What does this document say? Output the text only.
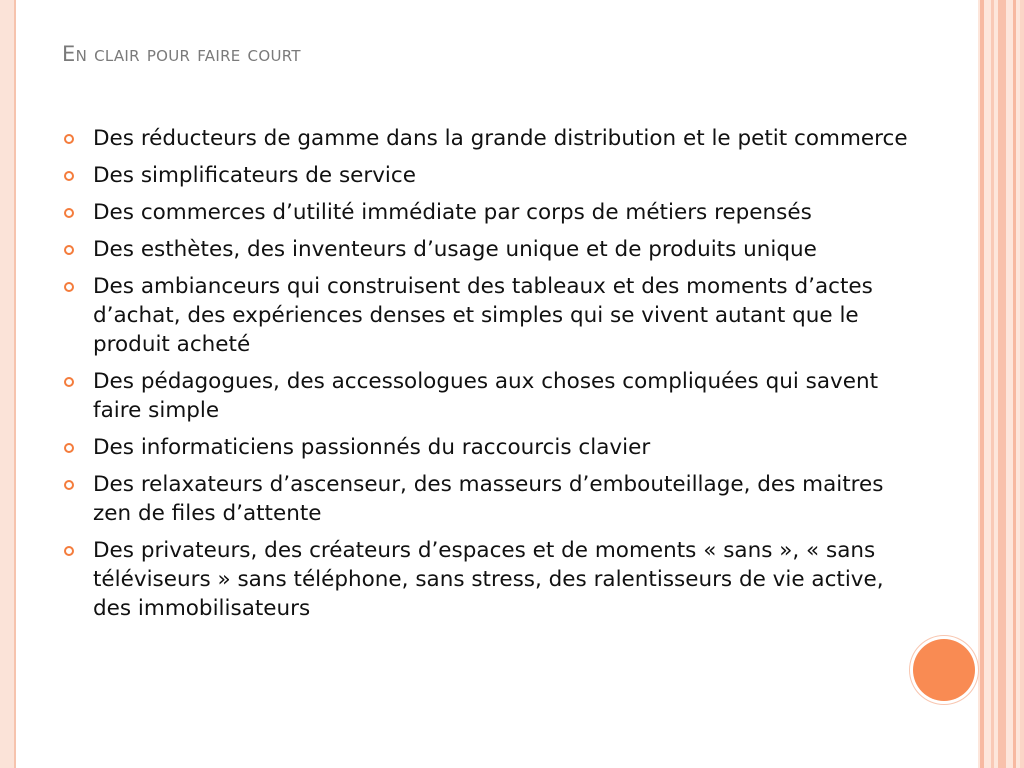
En clair pour faire court
Des réducteurs de gamme dans la grande distribution et le petit commerce
Des simplificateurs de service
Des commerces d’utilité immédiate par corps de métiers repensés
Des esthètes, des inventeurs d’usage unique et de produits unique
Des ambianceurs qui construisent des tableaux et des moments d’actes d’achat, des expériences denses et simples qui se vivent autant que le produit acheté
Des pédagogues, des accessologues aux choses compliquées qui savent faire simple
Des informaticiens passionnés du raccourcis clavier
Des relaxateurs d’ascenseur, des masseurs d’embouteillage, des maitres zen de files d’attente
Des privateurs, des créateurs d’espaces et de moments « sans », « sans téléviseurs » sans téléphone, sans stress, des ralentisseurs de vie active, des immobilisateurs
